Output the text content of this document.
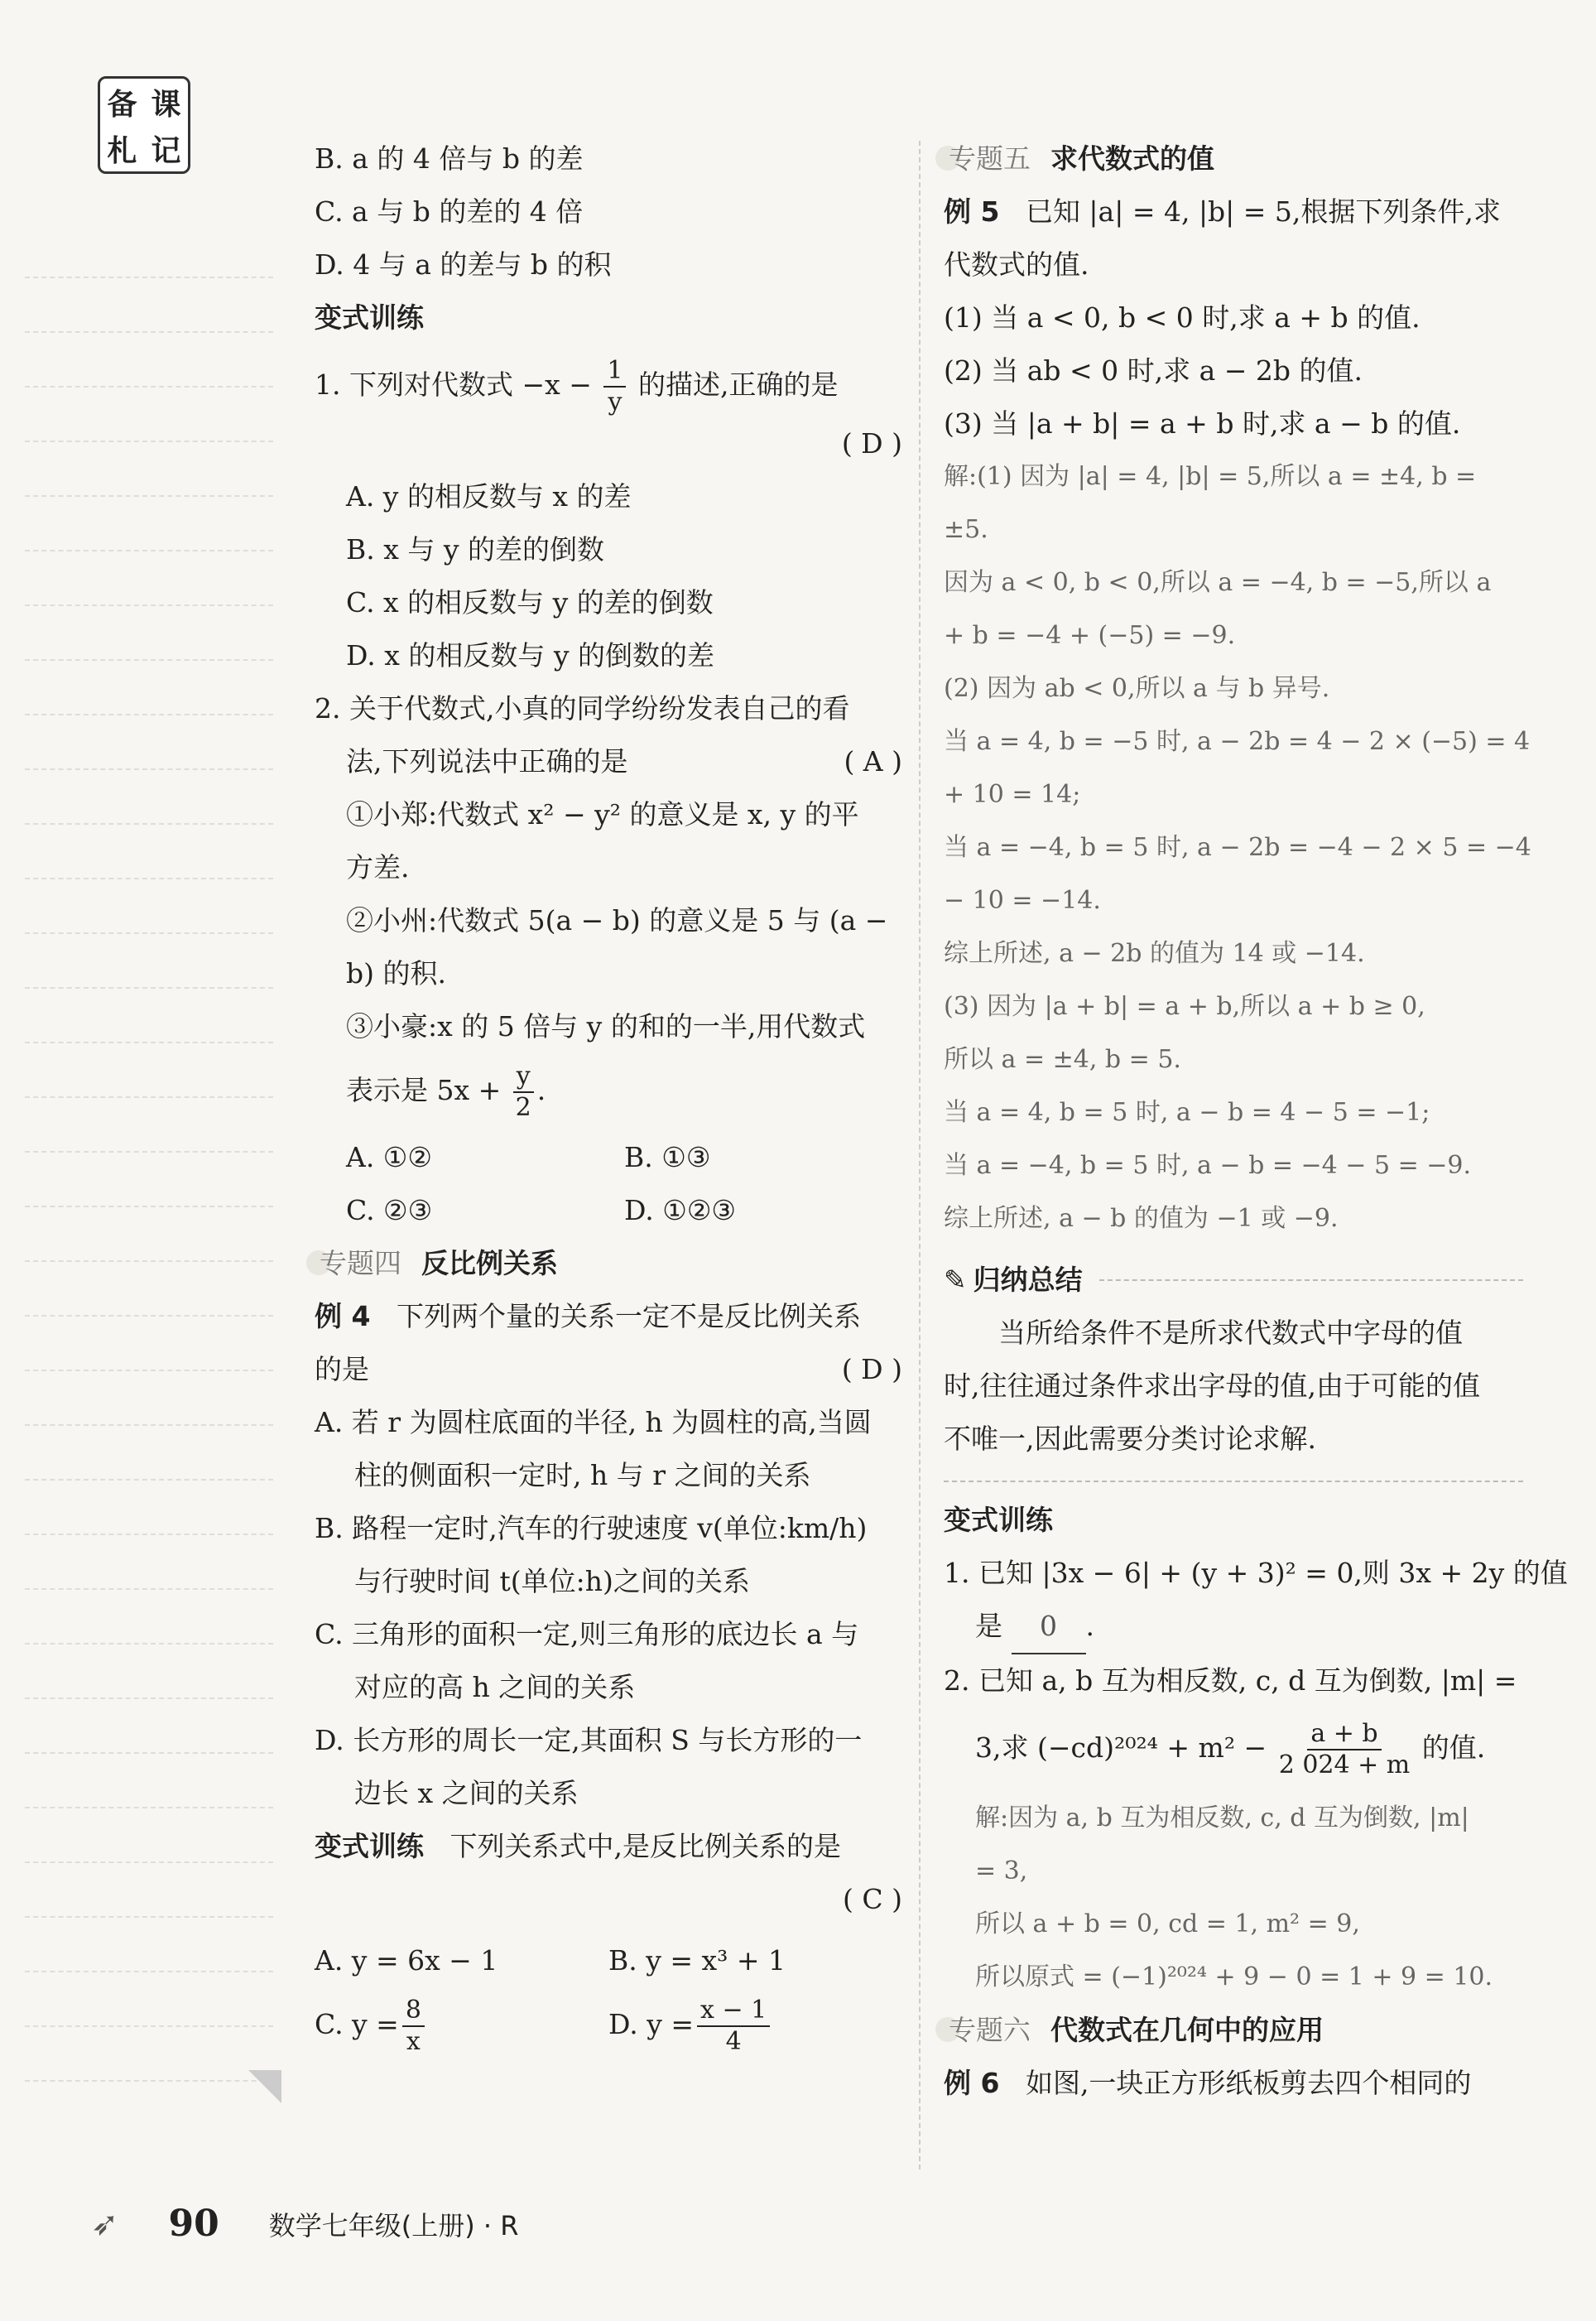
备 课
札 记	B. a 的 4 倍与 b 的差
C. a 与 b 的差的 4 倍
D. 4 与 a 的差与 b 的积
变式训练
1. 下列对代数式 $-x - \frac{1}{y}$ 的描述,正确的是
( D )
A. y 的相反数与 x 的差
B. x 与 y 的差的倒数
C. x 的相反数与 y 的差的倒数
D. x 的相反数与 y 的倒数的差
2. 关于代数式,小真的同学纷纷发表自己的看
法,下列说法中正确的是	( A )
①小郑:代数式 x² − y² 的意义是 x, y 的平
方差.
②小州:代数式 5(a − b) 的意义是 5 与 (a −
b) 的积.
③小豪:x 的 5 倍与 y 的和的一半,用代数式
表示是 $5x + \frac{y}{2}$ .
A. ①②	B. ①③
C. ②③	D. ①②③
专题四 反比例关系
例 4 下列两个量的关系一定不是反比例关系
的是	( D )
A. 若 r 为圆柱底面的半径, h 为圆柱的高,当圆
柱的侧面积一定时, h 与 r 之间的关系
B. 路程一定时,汽车的行驶速度 v(单位:km/h)
与行驶时间 t(单位:h)之间的关系
C. 三角形的面积一定,则三角形的底边长 a 与
对应的高 h 之间的关系
D. 长方形的周长一定,其面积 S 与长方形的一
边长 x 之间的关系
变式训练 下列关系式中,是反比例关系的是
( C )
A. y = 6x − 1	B. y = x³ + 1
C. $y = \frac{8}{x}$	D. $y = \frac{x - 1}{4}$
专题五 求代数式的值
例 5 已知 |a| = 4, |b| = 5,根据下列条件,求
代数式的值.
(1) 当 a < 0, b < 0 时,求 a + b 的值.
(2) 当 ab < 0 时,求 a − 2b 的值.
(3) 当 |a + b| = a + b 时,求 a − b 的值.
解:(1) 因为 |a| = 4, |b| = 5,所以 a = ±4, b =
±5.
因为 a < 0, b < 0,所以 a = −4, b = −5,所以 a
+ b = −4 + (−5) = −9.
(2) 因为 ab < 0,所以 a 与 b 异号.
当 a = 4, b = −5 时, a − 2b = 4 − 2 × (−5) = 4
+ 10 = 14;
当 a = −4, b = 5 时, a − 2b = −4 − 2 × 5 = −4
− 10 = −14.
综上所述, a − 2b 的值为 14 或 −14.
(3) 因为 |a + b| = a + b,所以 a + b ≥ 0,
所以 a = ±4, b = 5.
当 a = 4, b = 5 时, a − b = 4 − 5 = −1;
当 a = −4, b = 5 时, a − b = −4 − 5 = −9.
综上所述, a − b 的值为 −1 或 −9.
✎ 归纳总结
当所给条件不是所求代数式中字母的值
时,往往通过条件求出字母的值,由于可能的值
不唯一,因此需要分类讨论求解.
变式训练
1. 已知 |3x − 6| + (y + 3)² = 0,则 3x + 2y 的值
是 0 .
2. 已知 a, b 互为相反数, c, d 互为倒数, |m| =
3,求 $(-cd)^{2024} + m^2 - \frac{a + b}{2 024 + m}$ 的值.
解:因为 a, b 互为相反数, c, d 互为倒数, |m|
= 3,
所以 a + b = 0, cd = 1, m² = 9,
所以原式 = (−1)²⁰²⁴ + 9 − 0 = 1 + 9 = 10.
专题六 代数式在几何中的应用
例 6 如图,一块正方形纸板剪去四个相同的
➶ 90 数学七年级(上册) · R
